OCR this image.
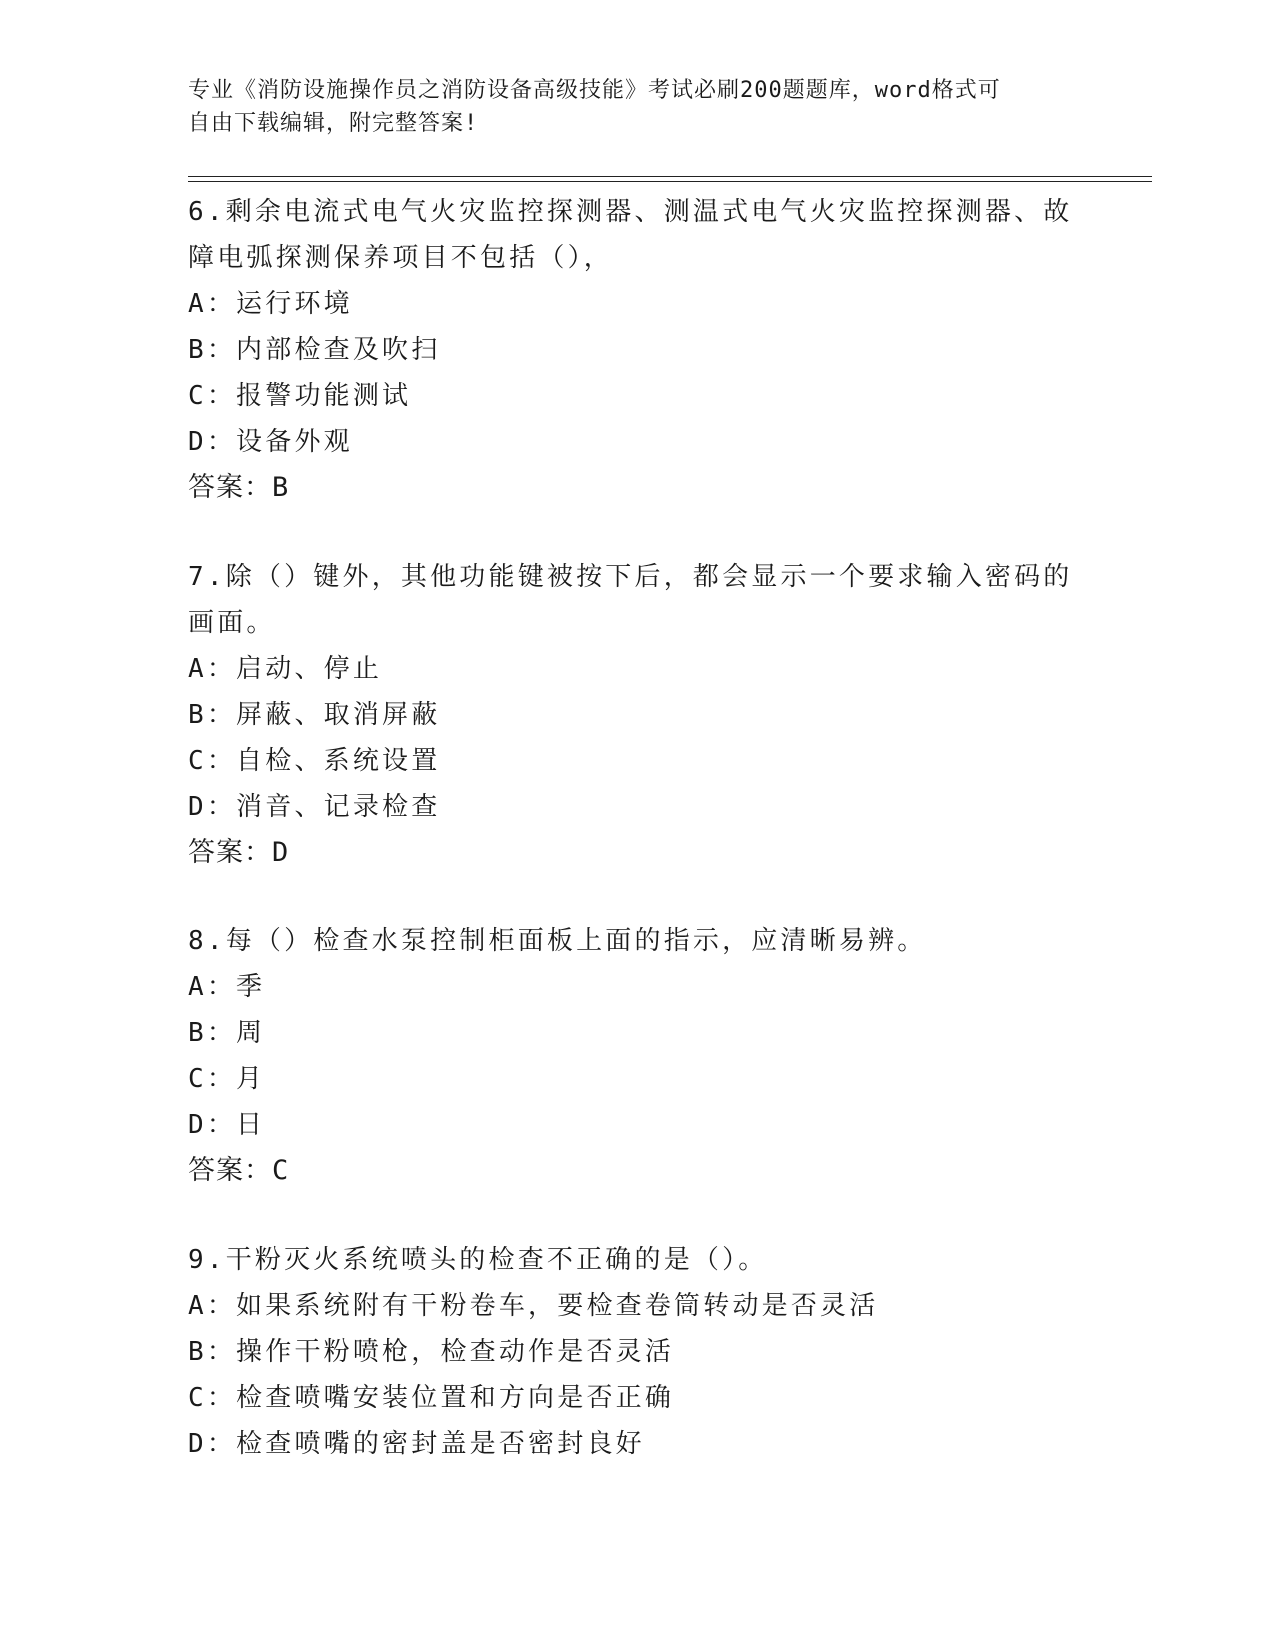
专业《消防设施操作员之消防设备高级技能》考试必刷200题题库，word格式可
自由下载编辑，附完整答案!
6.剩余电流式电气火灾监控探测器、测温式电气火灾监控探测器、故
障电弧探测保养项目不包括（），
A：运行环境
B：内部检查及吹扫
C：报警功能测试
D：设备外观
答案：B
7.除（）键外，其他功能键被按下后，都会显示一个要求输入密码的
画面。
A：启动、停止
B：屏蔽、取消屏蔽
C：自检、系统设置
D：消音、记录检查
答案：D
8.每（）检查水泵控制柜面板上面的指示，应清晰易辨。
A：季
B：周
C：月
D：日
答案：C
9.干粉灭火系统喷头的检查不正确的是（）。
A：如果系统附有干粉卷车，要检查卷筒转动是否灵活
B：操作干粉喷枪，检查动作是否灵活
C：检查喷嘴安装位置和方向是否正确
D：检查喷嘴的密封盖是否密封良好
